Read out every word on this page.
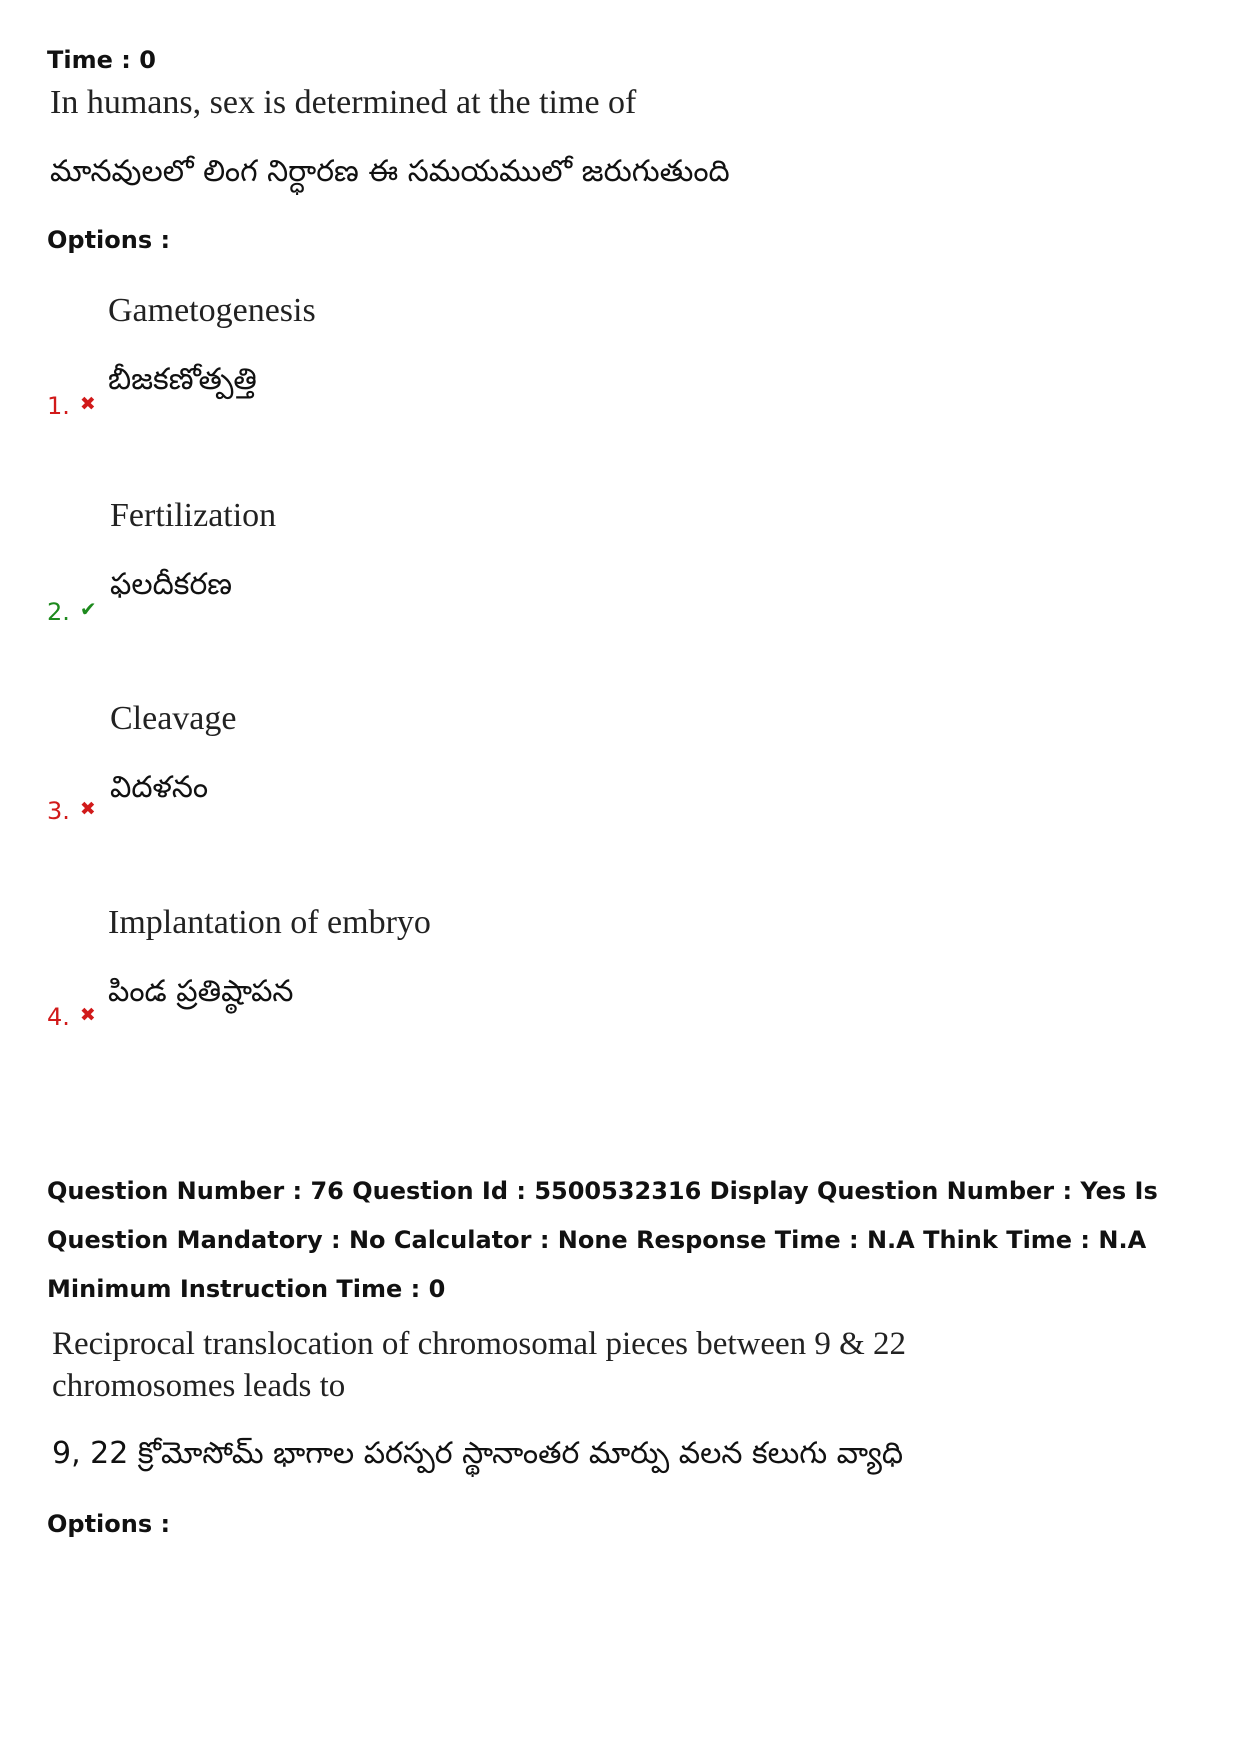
Time : 0
In humans, sex is determined at the time of
మానవులలో లింగ నిర్ధారణ ఈ సమయములో జరుగుతుంది
Options :
Gametogenesis
బీజకణోత్పత్తి
1. ✖
Fertilization
ఫలదీకరణ
2. ✔
Cleavage
విదళనం
3. ✖
Implantation of embryo
పిండ ప్రతిష్ఠాపన
4. ✖
Question Number : 76 Question Id : 5500532316 Display Question Number : Yes Is Question Mandatory : No Calculator : None Response Time : N.A Think Time : N.A Minimum Instruction Time : 0
Reciprocal translocation of chromosomal pieces between 9 & 22 chromosomes leads to
9, 22 క్రోమోసోమ్ భాగాల పరస్పర స్థానాంతర మార్పు వలన కలుగు వ్యాధి
Options :
